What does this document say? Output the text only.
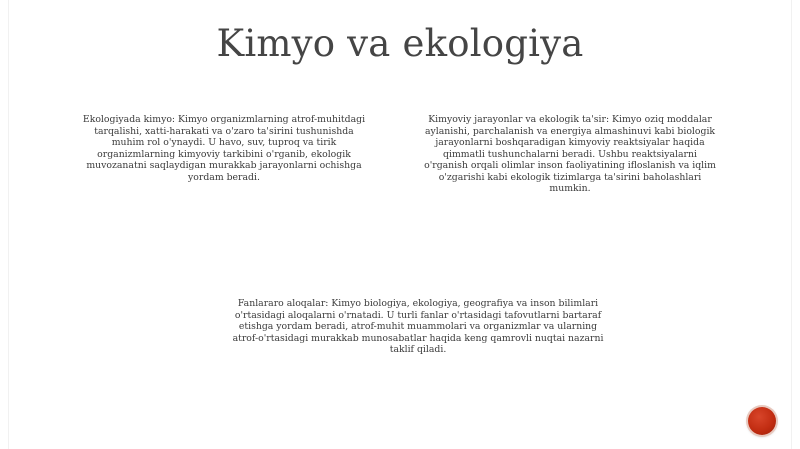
Kimyo va ekologiya

Ekologiyada kimyo: Kimyo organizmlarning atrof-muhitdagi tarqalishi, xatti-harakati va o'zaro ta'sirini tushunishda muhim rol o'ynaydi. U havo, suv, tuproq va tirik organizmlarning kimyoviy tarkibini o'rganib, ekologik muvozanatni saqlaydigan murakkab jarayonlarni ochishga yordam beradi.

Kimyoviy jarayonlar va ekologik ta'sir: Kimyo oziq moddalar aylanishi, parchalanish va energiya almashinuvi kabi biologik jarayonlarni boshqaradigan kimyoviy reaktsiyalar haqida qimmatli tushunchalarni beradi. Ushbu reaktsiyalarni o'rganish orqali olimlar inson faoliyatining ifloslanish va iqlim o'zgarishi kabi ekologik tizimlarga ta'sirini baholashlari mumkin.

Fanlararo aloqalar: Kimyo biologiya, ekologiya, geografiya va inson bilimlari o'rtasidagi aloqalarni o'rnatadi. U turli fanlar o'rtasidagi tafovutlarni bartaraf etishga yordam beradi, atrof-muhit muammolari va organizmlar va ularning atrof-o'rtasidagi murakkab munosabatlar haqida keng qamrovli nuqtai nazarni taklif qiladi.
